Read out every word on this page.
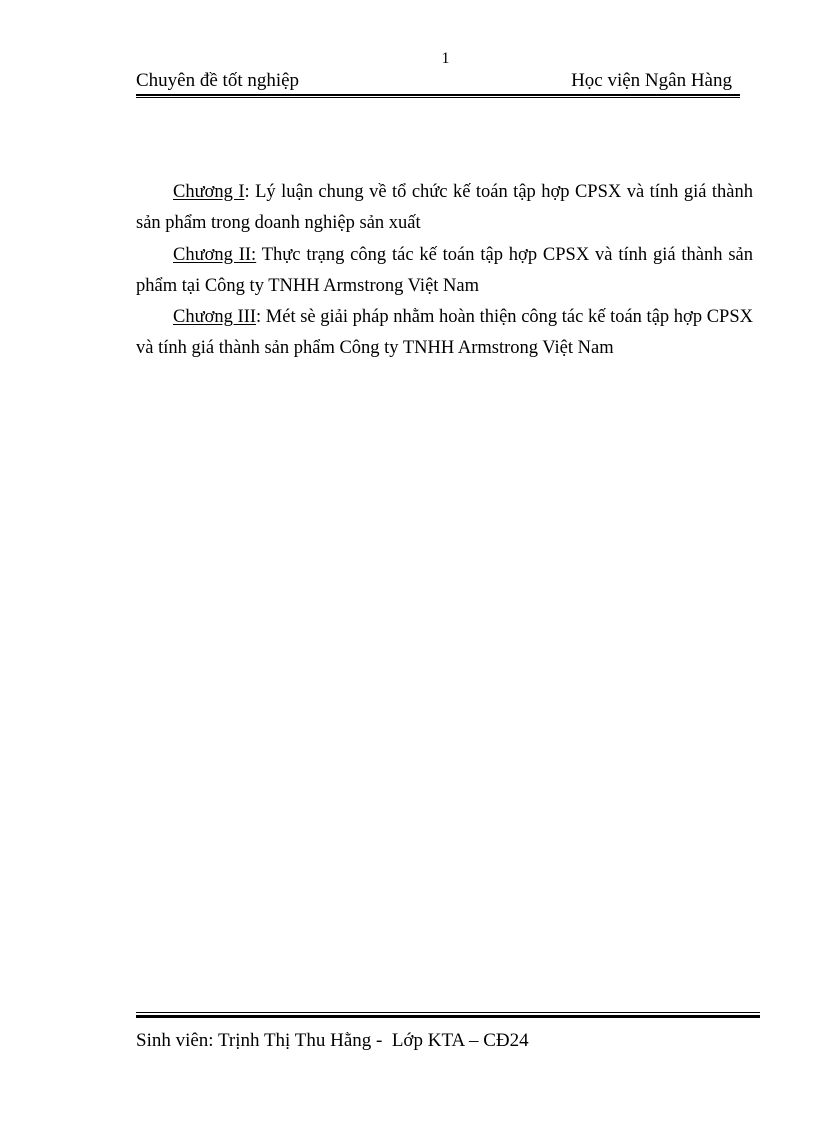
1
Chuyên đề tốt nghiệp	Học viện Ngân Hàng

Chương I: Lý luận chung về tổ chức kế toán tập hợp CPSX và tính giá thành sản phẩm trong doanh nghiệp sản xuất

Chương II: Thực trạng công tác kế toán tập hợp CPSX và tính giá thành sản phẩm tại Công ty TNHH Armstrong Việt Nam

Chương III: Mét sè giải pháp nhằm hoàn thiện công tác kế toán tập hợp CPSX và tính giá thành sản phẩm Công ty TNHH Armstrong Việt Nam

Sinh viên: Trịnh Thị Thu Hằng -  Lớp KTA – CĐ24
